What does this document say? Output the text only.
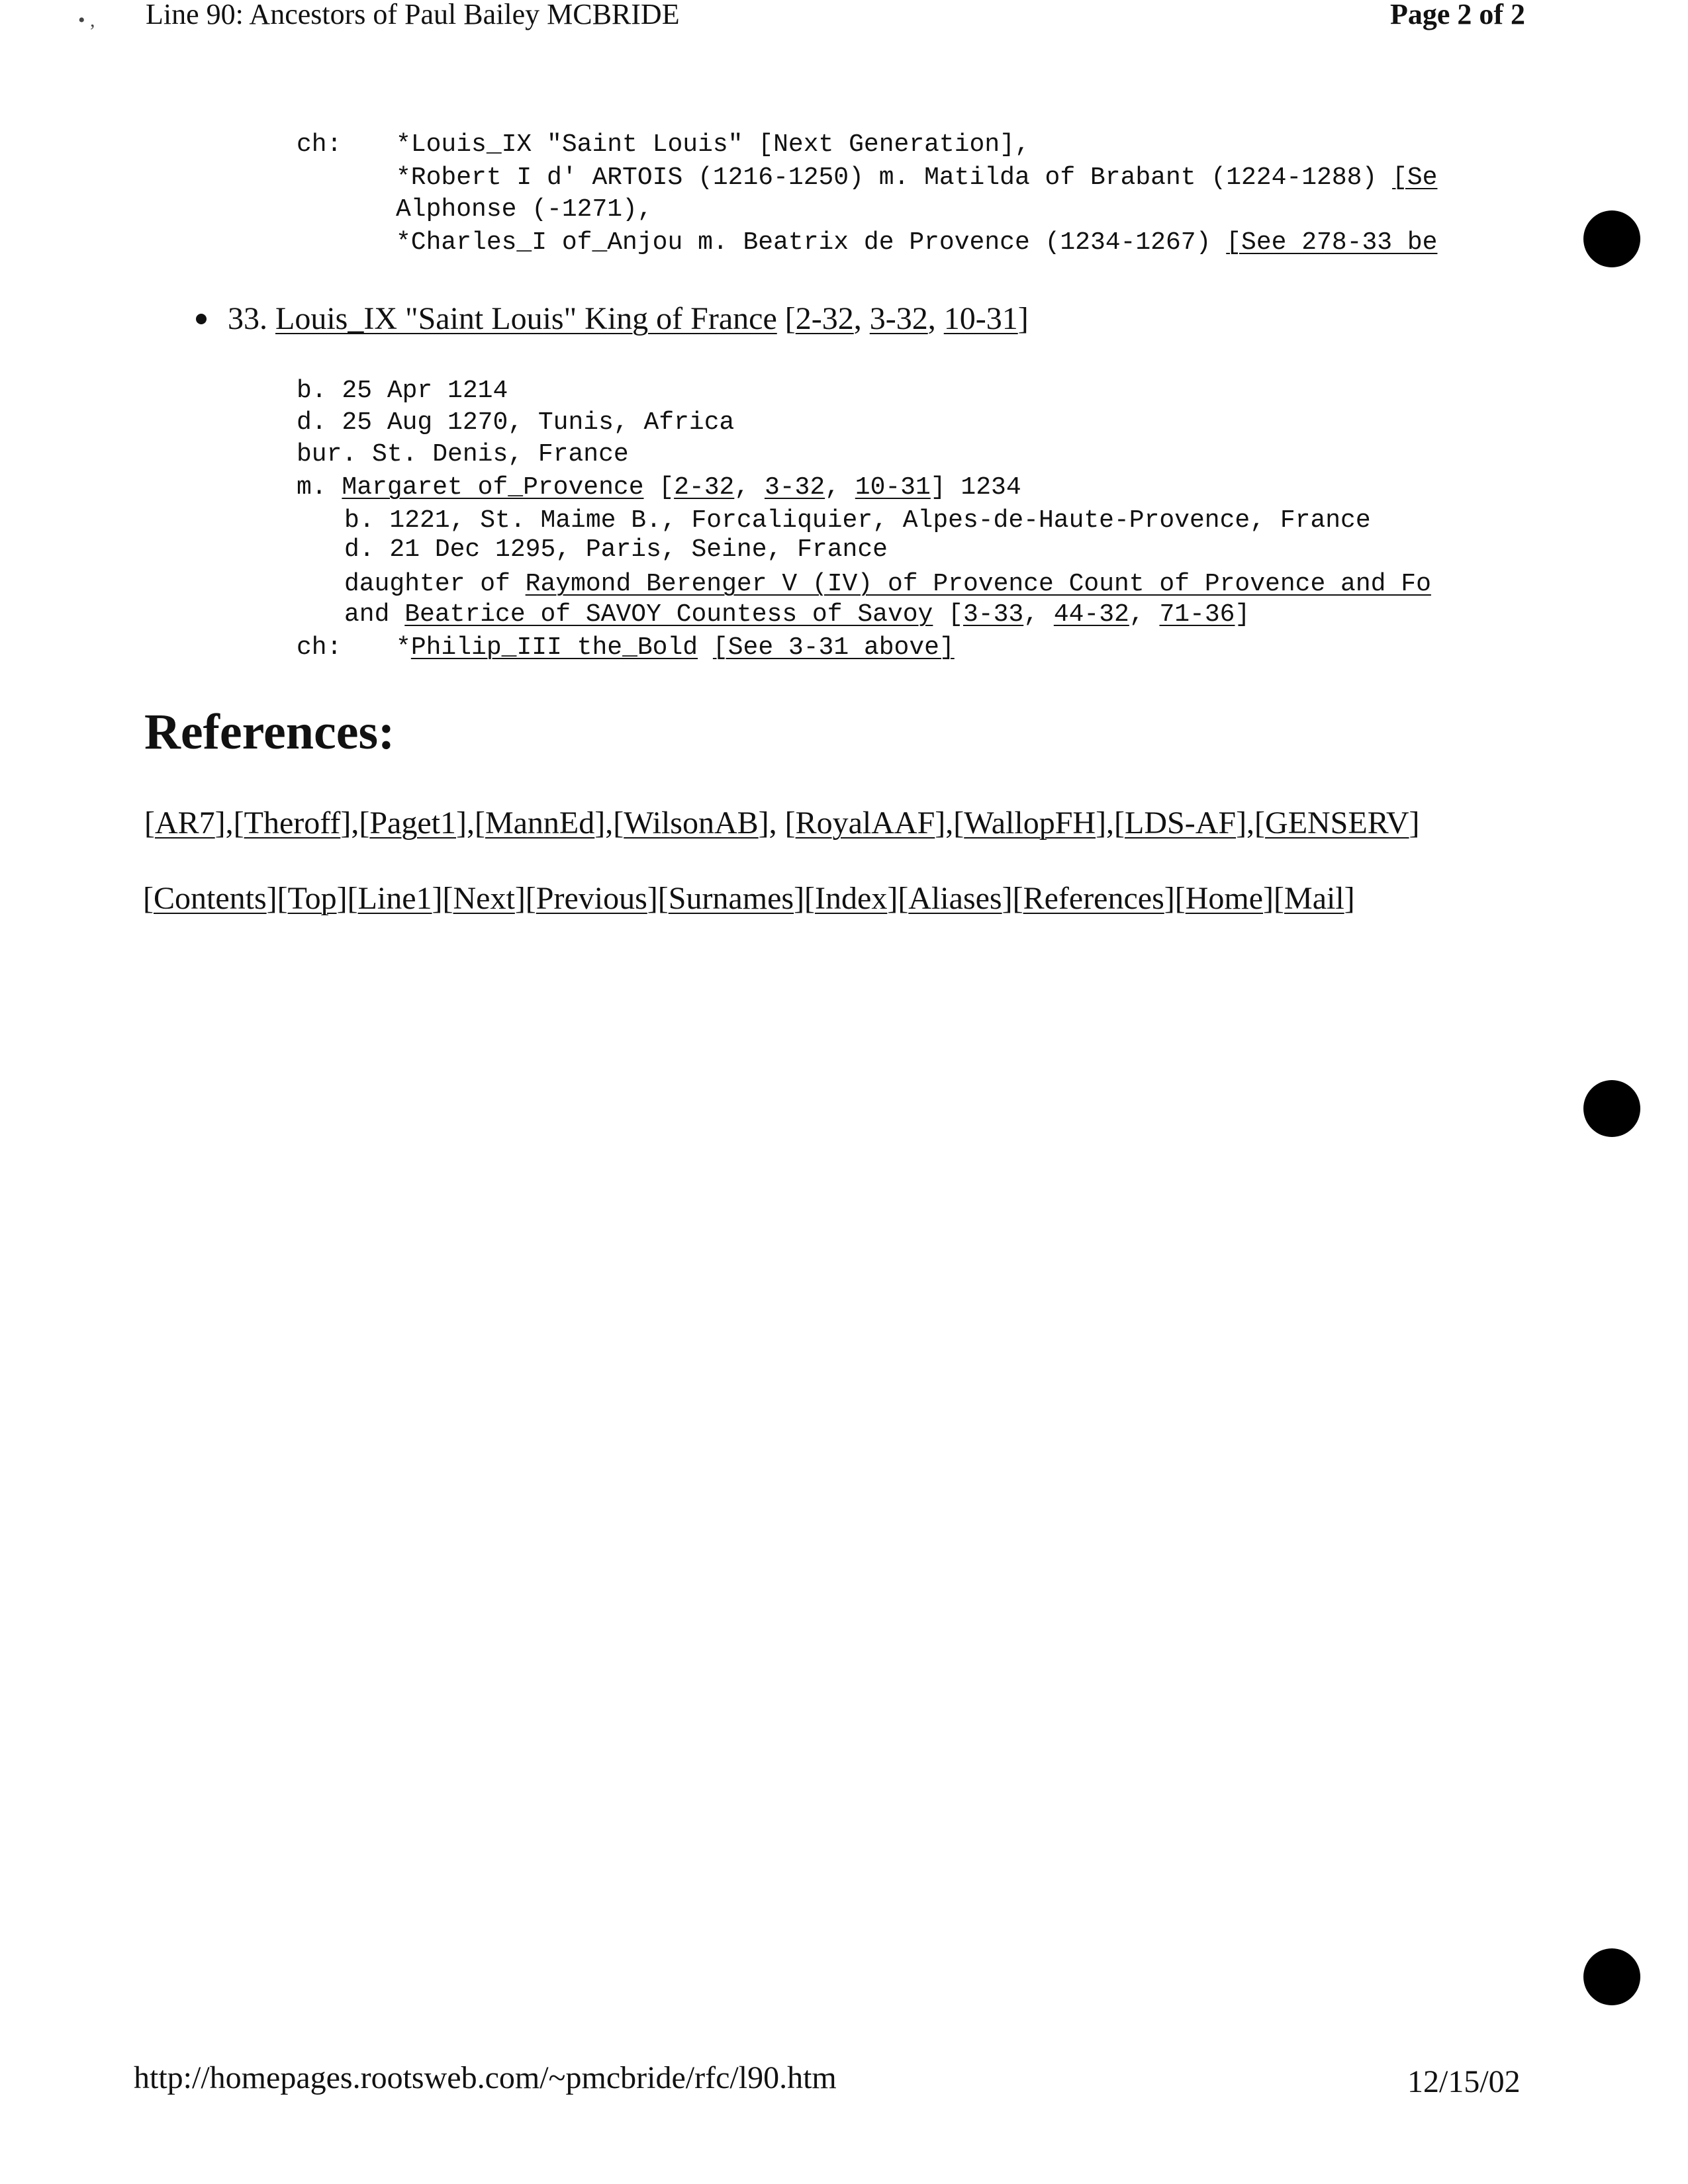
• , Line 90: Ancestors of Paul Bailey MCBRIDE	Page 2 of 2
ch: *Louis_IX "Saint Louis" [Next Generation],
*Robert I d' ARTOIS (1216-1250) m. Matilda of Brabant (1224-1288) [Se
Alphonse (-1271),
*Charles_I of_Anjou m. Beatrix de Provence (1234-1267) [See 278-33 be
33. Louis_IX "Saint Louis" King of France [2-32, 3-32, 10-31]
b. 25 Apr 1214
d. 25 Aug 1270, Tunis, Africa
bur. St. Denis, France
m. Margaret of_Provence [2-32, 3-32, 10-31] 1234
b. 1221, St. Maime B., Forcaliquier, Alpes-de-Haute-Provence, France
d. 21 Dec 1295, Paris, Seine, France
daughter of Raymond Berenger V (IV) of Provence Count of Provence and Fo
and Beatrice of SAVOY Countess of Savoy [3-33, 44-32, 71-36]
ch: *Philip_III the_Bold [See 3-31 above]
References:
[AR7],[Theroff],[Paget1],[MannEd],[WilsonAB], [RoyalAAF],[WallopFH],[LDS-AF],[GENSERV]
[Contents][Top][Line1][Next][Previous][Surnames][Index][Aliases][References][Home][Mail]
http://homepages.rootsweb.com/~pmcbride/rfc/l90.htm	12/15/02
